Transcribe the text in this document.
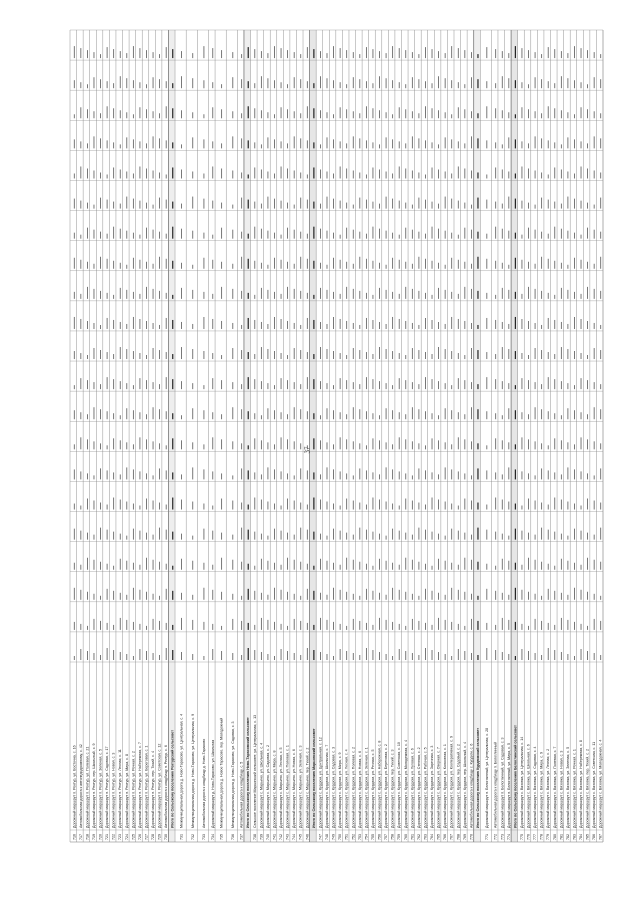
716
Дорожный маршрут п. Ректур, ул. Восточна, с. 16
717
Автомобильная дорога к автопедодромному, с. 42
718
Дорожный маршрут п. Ректур, ул. Полевая, с. 21
719
Дорожный маршрут п. Ректур, пер. Школьный, с. 9
720
Дорожный маршрут п. Ректур, ул. Зеленая, с. 5
721
Дорожный маршрут п. Ректур, ул. Садовая, с. 17
722
Дорожный маршрут п. Ректур, ул. Новая, с. 3
723
Дорожный маршрут п. Ректур, ул. Лесная, с. 11
724
Дорожный маршрут п. Ректур, ул. Мира, с. 8
725
Дорожный маршрут п. Ректур, ул. Речная, с. 2
726
Дорожный маршрут п. Ректур, ул. Набережная, с. 7
727
Дорожный маршрут п. Ректур, ул. Береговая, с. 1
728
Дорожный маршрут п. Ректур, пер. Тихий, с. 4
729
Дорожный маршрут п. Ректур, ул. Советская, с. 12
730
Автомобильная дорога к кладбищу п. Ректур, с. 6 Итого по Сельскому поселению Ректурский сельсовет
731
Межмуниципальная дорога д. Ново-Тарасово, ул. Центральная, с. 4
732
Межмуниципальная дорога д. Ново-Тарасово, ул. Центральная, с. 9
733
Автомобильная дорога к кладбищу д. Ново-Тарасово
734
Дорожный маршрут д. Ново-Тарасово, ул. Школьная
735
Межмуниципальная дорога д. Новое Тарасово, пер. Молодежный
736
Межмуниципальная дорога д. Ново-Тарасово, ул. Садовая, с. 3
737
Автомобильная дорога к кладбищу, с. 5 Итого по Сельскому поселению Ново-Тарасовский сельсовет
738
Сельское поселение Марьинский сельсовет, ул. Центральная, с. 13
739
Дорожный маршрут с. Марьино, ул. Школьная, с. 4
740
Дорожный маршрут с. Марьино, ул. Садовая, с. 2
741
Дорожный маршрут с. Марьино, ул. Мира, с. 8
742
Дорожный маршрут с. Марьино, ул. Лесная, с. 5
743
Дорожный маршрут с. Марьино, ул. Полевая, с. 1
744
Дорожный маршрут с. Марьино, ул. Новая, с. 6
745
Дорожный маршрут с. Марьино, ул. Зеленая, с. 3
746
Дорожный маршрут с. Марьино, пер. Тихий, с. 2 Итого по Сельскому поселению Марьинский сельсовет
747
Дорожный маршрут с. Курдюм, ул. Центральная, с. 12
748
Дорожный маршрут с. Курдюм, ул. Школьная, с. 7
749
Дорожный маршрут с. Курдюм, ул. Садовая, с. 3
750
Дорожный маршрут с. Курдюм, ул. Мира, с. 9
751
Дорожный маршрут с. Курдюм, ул. Лесная, с. 4
752
Дорожный маршрут с. Курдюм, ул. Полевая, с. 2
753
Дорожный маршрут с. Курдюм, ул. Новая, с. 6
754
Дорожный маршрут с. Курдюм, ул. Зеленая, с. 1
755
Дорожный маршрут с. Курдюм, ул. Речная, с. 5
756
Дорожный маршрут с. Курдюм, ул. Набережная, с. 8
757
Дорожный маршрут с. Курдюм, ул. Береговая, с. 2
758
Дорожный маршрут с. Курдюм, пер. Тихий, с. 3
759
Дорожный маршрут с. Курдюм, ул. Советская, с. 10
760
Дорожный маршрут с. Курдюм, ул. Молодежная, с. 4
761
Дорожный маршрут с. Курдюм, ул. Луговая, с. 6
762
Дорожный маршрут с. Курдюм, ул. Степная, с. 2
763
Дорожный маршрут с. Курдюм, ул. Рабочая, с. 5
764
Дорожный маршрут с. Курдюм, ул. Заречная, с. 3
765
Дорожный маршрут с. Курдюм, ул. Озерная, с. 7
766
Дорожный маршрут с. Курдюм, ул. Колхозная, с. 1
767
Дорожный маршрут с. Курдюм, ул. Кооперативная, с. 9
768
Дорожный маршрут с. Курдюм, пер. Садовый, с. 2
769
Дорожный маршрут с. Курдюм, пер. Школьный, с. 4
770
Автомобильная дорога к кладбищу с. Курдюм, с. 6 Итого по Сельскому поселению Курдюмский сельсовет
771
Дорожный маршрут п. Белоглинный, ул. Центральная, с. 28
772
Автомобильная дорога к кладбищу п. Белоглинный
773
Дорожный маршрут п. Белоглинный, ул. Садовая, с. 3
774
Дорожный маршрут п. Белоглинный, ул. Мира, с. 5 Итого по Сельскому поселению Белоглинский сельсовет
775
Дорожный маршрут с. Вязовка, ул. Центральная, с. 14
776
Дорожный маршрут с. Вязовка, ул. Школьная, с. 6
777
Дорожный маршрут с. Вязовка, ул. Садовая, с. 4
778
Дорожный маршрут с. Вязовка, ул. Мира, с. 9
779
Дорожный маршрут с. Вязовка, ул. Лесная, с. 2
780
Дорожный маршрут с. Вязовка, ул. Полевая, с. 7
781
Дорожный маршрут с. Вязовка, ул. Новая, с. 3
782
Дорожный маршрут с. Вязовка, ул. Зеленая, с. 5
783
Дорожный маршрут с. Вязовка, ул. Речная, с. 1
784
Дорожный маршрут с. Вязовка, ул. Набережная, с. 8
785
Дорожный маршрут с. Вязовка, пер. Тихий, с. 2
786
Дорожный маршрут с. Вязовка, ул. Советская, с. 11
787
Дорожный маршрут с. Вязовка, ул. Молодежная, с. 4
37
